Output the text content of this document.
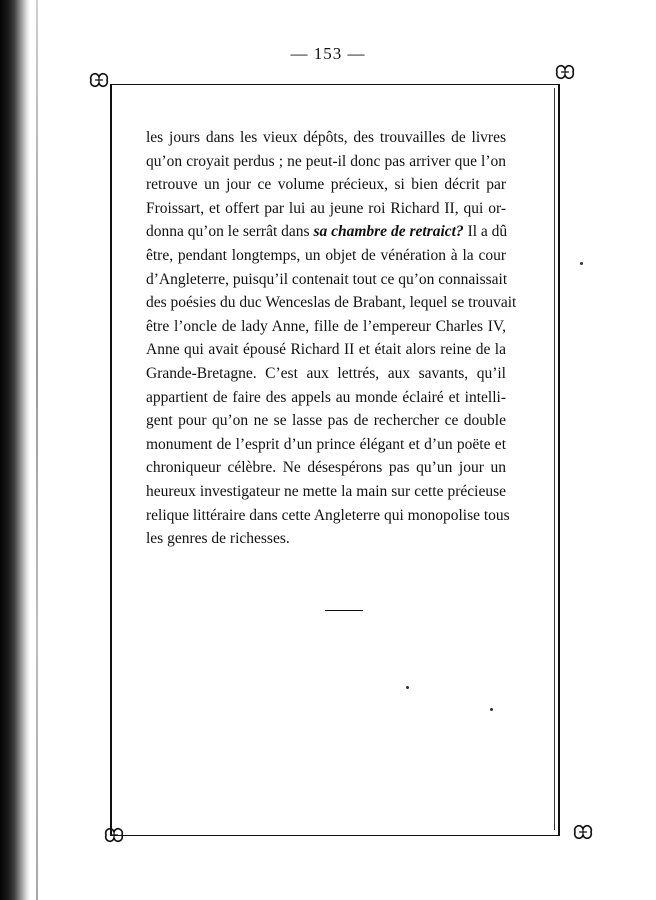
— 153 —
les jours dans les vieux dépôts, des trouvailles de livres
qu’on croyait perdus ; ne peut-il donc pas arriver que l’on
retrouve un jour ce volume précieux, si bien décrit par
Froissart, et offert par lui au jeune roi Richard II, qui or-
donna qu’on le serrât dans sa chambre de retraict? Il a dû
être, pendant longtemps, un objet de vénération à la cour
d’Angleterre, puisqu’il contenait tout ce qu’on connaissait
des poésies du duc Wenceslas de Brabant, lequel se trouvait
être l’oncle de lady Anne, fille de l’empereur Charles IV,
Anne qui avait épousé Richard II et était alors reine de la
Grande-Bretagne. C’est aux lettrés, aux savants, qu’il
appartient de faire des appels au monde éclairé et intelli-
gent pour qu’on ne se lasse pas de rechercher ce double
monument de l’esprit d’un prince élégant et d’un poëte et
chroniqueur célèbre. Ne désespérons pas qu’un jour un
heureux investigateur ne mette la main sur cette précieuse
relique littéraire dans cette Angleterre qui monopolise tous
les genres de richesses.
